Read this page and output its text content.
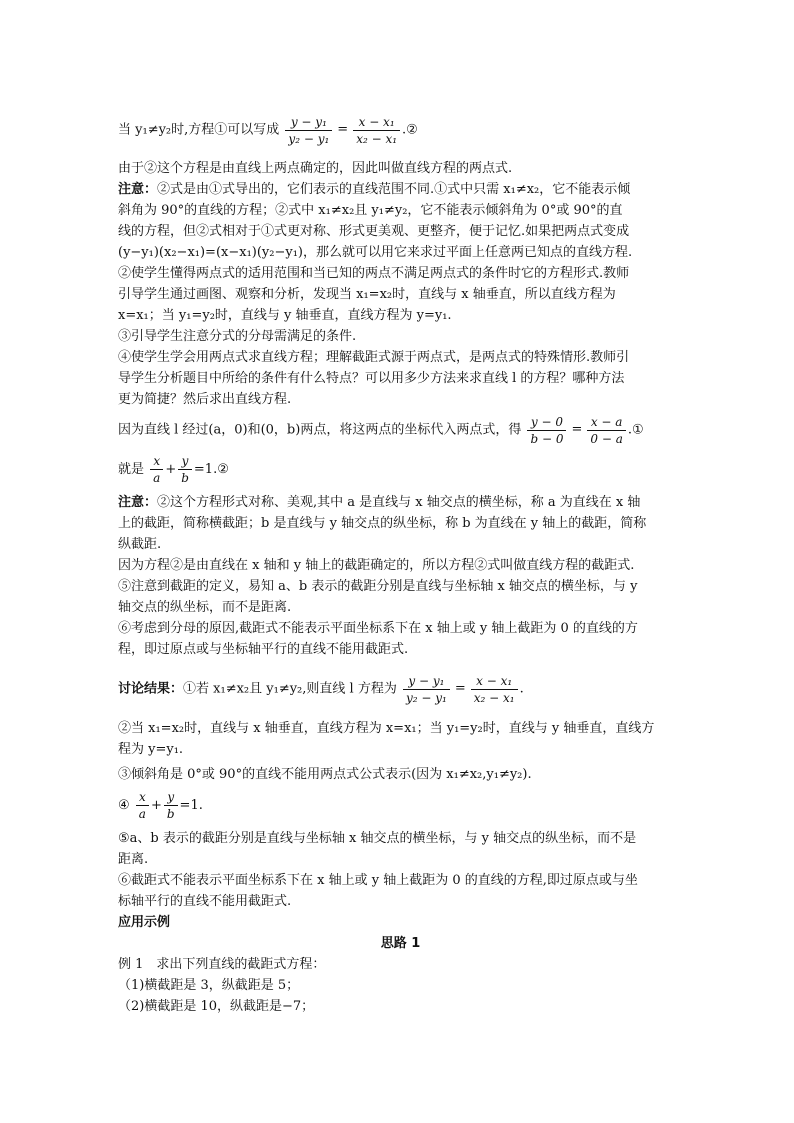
当 y₁≠y₂时,方程①可以写成 $\frac{\text{y − y₁}}{\text{y₂ − y₁}} = \frac{\text{x − x₁}}{\text{x₂ − x₁}}$ .②
由于②这个方程是由直线上两点确定的，因此叫做直线方程的两点式.
注意：②式是由①式导出的，它们表示的直线范围不同.①式中只需 x₁≠x₂，它不能表示倾
斜角为 90°的直线的方程；②式中 x₁≠x₂且 y₁≠y₂，它不能表示倾斜角为 0°或 90°的直
线的方程，但②式相对于①式更对称、形式更美观、更整齐，便于记忆.如果把两点式变成
(y−y₁)(x₂−x₁)=(x−x₁)(y₂−y₁)，那么就可以用它来求过平面上任意两已知点的直线方程.
②使学生懂得两点式的适用范围和当已知的两点不满足两点式的条件时它的方程形式.教师
引导学生通过画图、观察和分析，发现当 x₁=x₂时，直线与 x 轴垂直，所以直线方程为
x=x₁；当 y₁=y₂时，直线与 y 轴垂直，直线方程为 y=y₁.
③引导学生注意分式的分母需满足的条件.
④使学生学会用两点式求直线方程；理解截距式源于两点式，是两点式的特殊情形.教师引
导学生分析题目中所给的条件有什么特点？可以用多少方法来求直线 l 的方程？哪种方法
更为简捷？然后求出直线方程.
因为直线 l 经过(a，0)和(0，b)两点，将这两点的坐标代入两点式，得 $\frac{y - 0}{b - 0} = \frac{x - a}{0 - a}$ .①
就是 $\frac{x}{a} + \frac{y}{b}$ =1.②
注意：②这个方程形式对称、美观,其中 a 是直线与 x 轴交点的横坐标，称 a 为直线在 x 轴
上的截距，简称横截距；b 是直线与 y 轴交点的纵坐标，称 b 为直线在 y 轴上的截距，简称
纵截距.
因为方程②是由直线在 x 轴和 y 轴上的截距确定的，所以方程②式叫做直线方程的截距式.
⑤注意到截距的定义，易知 a、b 表示的截距分别是直线与坐标轴 x 轴交点的横坐标，与 y
轴交点的纵坐标，而不是距离.
⑥考虑到分母的原因,截距式不能表示平面坐标系下在 x 轴上或 y 轴上截距为 0 的直线的方
程，即过原点或与坐标轴平行的直线不能用截距式.
讨论结果：①若 x₁≠x₂且 y₁≠y₂,则直线 l 方程为 $\frac{\text{y − y₁}}{\text{y₂ − y₁}} = \frac{\text{x − x₁}}{\text{x₂ − x₁}}$ .
②当 x₁=x₂时，直线与 x 轴垂直，直线方程为 x=x₁；当 y₁=y₂时，直线与 y 轴垂直，直线方
程为 y=y₁.
③倾斜角是 0°或 90°的直线不能用两点式公式表示(因为 x₁≠x₂,y₁≠y₂).
④ $\frac{x}{a} + \frac{y}{b} =1$.
⑤a、b 表示的截距分别是直线与坐标轴 x 轴交点的横坐标，与 y 轴交点的纵坐标，而不是
距离.
⑥截距式不能表示平面坐标系下在 x 轴上或 y 轴上截距为 0 的直线的方程,即过原点或与坐
标轴平行的直线不能用截距式.
应用示例
思路 1
例 1　求出下列直线的截距式方程：
（1)横截距是 3，纵截距是 5；
（2)横截距是 10，纵截距是−7；
